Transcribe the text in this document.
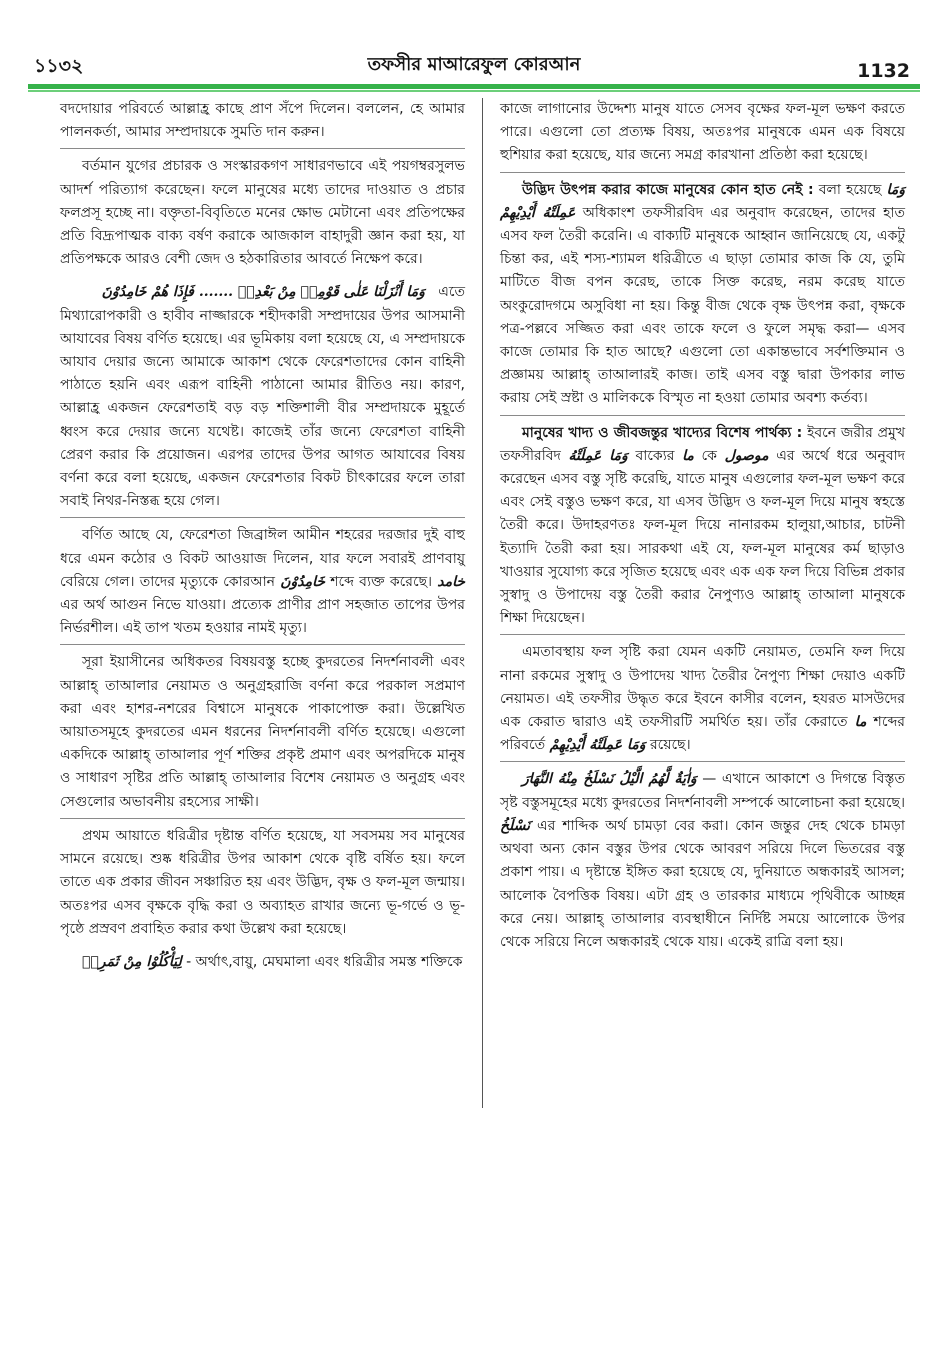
১১৩২	তফসীর মাআরেফুল কোরআন	1132
বদদোয়ার পরিবর্তে আল্লাহ্র কাছে প্রাণ সঁপে দিলেন। বললেন, হে আমার পালনকর্তা, আমার সম্প্রদায়কে সুমতি দান করুন।
বর্তমান যুগের প্রচারক ও সংস্কারকগণ সাধারণভাবে এই পয়গম্বরসুলভ আদর্শ পরিত্যাগ করেছেন। ফলে মানুষের মধ্যে তাদের দাওয়াত ও প্রচার ফলপ্রসূ হচ্ছে না। বক্তৃতা-বিবৃতিতে মনের ক্ষোভ মেটানো এবং প্রতিপক্ষের প্রতি বিদ্রূপাত্মক বাক্য বর্ষণ করাকে আজকাল বাহাদুরী জ্ঞান করা হয়, যা প্রতিপক্ষকে আরও বেশী জেদ ও হঠকারিতার আবর্তে নিক্ষেপ করে।
وَمَا أَنْزَلْنَا عَلٰى قَوْمِهٖ مِنْ بَعْدِهٖ ....... فَإِذَا هُمْ خَامِدُوْنَ এতে
মিথ্যারোপকারী ও হাবীব নাজ্জারকে শহীদকারী সম্প্রদায়ের উপর আসমানী আযাবের বিষয় বর্ণিত হয়েছে। এর ভূমিকায় বলা হয়েছে যে, এ সম্প্রদায়কে আযাব দেয়ার জন্যে আমাকে আকাশ থেকে ফেরেশতাদের কোন বাহিনী পাঠাতে হয়নি এবং এরূপ বাহিনী পাঠানো আমার রীতিও নয়। কারণ, আল্লাহ্র একজন ফেরেশতাই বড় বড় শক্তিশালী বীর সম্প্রদায়কে মুহূর্তে ধ্বংস করে দেয়ার জন্যে যথেষ্ট। কাজেই তাঁর জন্যে ফেরেশতা বাহিনী প্রেরণ করার কি প্রয়োজন। এরপর তাদের উপর আগত আযাবের বিষয় বর্ণনা করে বলা হয়েছে, একজন ফেরেশতার বিকট চীৎকারের ফলে তারা সবাই নিথর-নিস্তব্ধ হয়ে গেল।
বর্ণিত আছে যে, ফেরেশতা জিব্রাঈল আমীন শহরের দরজার দুই বাহু ধরে এমন কঠোর ও বিকট আওয়াজ দিলেন, যার ফলে সবারই প্রাণবায়ু বেরিয়ে গেল। তাদের মৃত্যুকে কোরআন خَامِدُوْنَ শব্দে ব্যক্ত করেছে। خامد এর অর্থ আগুন নিভে যাওয়া। প্রত্যেক প্রাণীর প্রাণ সহজাত তাপের উপর নির্ভরশীল। এই তাপ খতম হওয়ার নামই মৃত্যু।
সূরা ইয়াসীনের অধিকতর বিষয়বস্তু হচ্ছে কুদরতের নিদর্শনাবলী এবং আল্লাহ্ তাআলার নেয়ামত ও অনুগ্রহরাজি বর্ণনা করে পরকাল সপ্রমাণ করা এবং হাশর-নশরের বিশ্বাসে মানুষকে পাকাপোক্ত করা। উল্লেখিত আয়াতসমূহে কুদরতের এমন ধরনের নিদর্শনাবলী বর্ণিত হয়েছে। এগুলো একদিকে আল্লাহ্ তাআলার পূর্ণ শক্তির প্রকৃষ্ট প্রমাণ এবং অপরদিকে মানুষ ও সাধারণ সৃষ্টির প্রতি আল্লাহ্ তাআলার বিশেষ নেয়ামত ও অনুগ্রহ এবং সেগুলোর অভাবনীয় রহস্যের সাক্ষী।
প্রথম আয়াতে ধরিত্রীর দৃষ্টান্ত বর্ণিত হয়েছে, যা সবসময় সব মানুষের সামনে রয়েছে। শুষ্ক ধরিত্রীর উপর আকাশ থেকে বৃষ্টি বর্ষিত হয়। ফলে তাতে এক প্রকার জীবন সঞ্চারিত হয় এবং উদ্ভিদ, বৃক্ষ ও ফল-মূল জন্মায়। অতঃপর এসব বৃক্ষকে বৃদ্ধি করা ও অব্যাহত রাখার জন্যে ভূ-গর্ভে ও ভূ-পৃষ্ঠে প্রস্রবণ প্রবাহিত করার কথা উল্লেখ করা হয়েছে।
لِيَأْكُلُوْا مِنْ ثَمَرِهٖ - অর্থাৎ,বায়ু, মেঘমালা এবং ধরিত্রীর সমস্ত শক্তিকে
কাজে লাগানোর উদ্দেশ্য মানুষ যাতে সেসব বৃক্ষের ফল-মূল ভক্ষণ করতে পারে। এগুলো তো প্রত্যক্ষ বিষয়, অতঃপর মানুষকে এমন এক বিষয়ে হুশিয়ার করা হয়েছে, যার জন্যে সমগ্র কারখানা প্রতিষ্ঠা করা হয়েছে।
উদ্ভিদ উৎপন্ন করার কাজে মানুষের কোন হাত নেই : বলা হয়েছে وَمَا عَمِلَتْهُ أَيْدِيْهِمْ অধিকাংশ তফসীরবিদ এর অনুবাদ করেছেন, তাদের হাত এসব ফল তৈরী করেনি। এ বাক্যটি মানুষকে আহ্বান জানিয়েছে যে, একটু চিন্তা কর, এই শস্য-শ্যামল ধরিত্রীতে এ ছাড়া তোমার কাজ কি যে, তুমি মাটিতে বীজ বপন করেছ, তাকে সিক্ত করেছ, নরম করেছ যাতে অংকুরোদগমে অসুবিধা না হয়। কিন্তু বীজ থেকে বৃক্ষ উৎপন্ন করা, বৃক্ষকে পত্র-পল্লবে সজ্জিত করা এবং তাকে ফলে ও ফুলে সমৃদ্ধ করা— এসব কাজে তোমার কি হাত আছে? এগুলো তো একান্তভাবে সর্বশক্তিমান ও প্রজ্ঞাময় আল্লাহ্ তাআলারই কাজ। তাই এসব বস্তু দ্বারা উপকার লাভ করায় সেই স্রষ্টা ও মালিককে বিস্মৃত না হওয়া তোমার অবশ্য কর্তব্য।
মানুষের খাদ্য ও জীবজন্তুর খাদ্যের বিশেষ পার্থক্য : ইবনে জরীর প্রমুখ তফসীরবিদ وَمَا عَمِلَتْهُ বাক্যের ما কে موصول এর অর্থে ধরে অনুবাদ করেছেন এসব বস্তু সৃষ্টি করেছি, যাতে মানুষ এগুলোর ফল-মূল ভক্ষণ করে এবং সেই বস্তুও ভক্ষণ করে, যা এসব উদ্ভিদ ও ফল-মূল দিয়ে মানুষ স্বহস্তে তৈরী করে। উদাহরণতঃ ফল-মূল দিয়ে নানারকম হালুয়া,আচার, চাটনী ইত্যাদি তৈরী করা হয়। সারকথা এই যে, ফল-মূল মানুষের কর্ম ছাড়াও খাওয়ার সুযোগ্য করে সৃজিত হয়েছে এবং এক এক ফল দিয়ে বিভিন্ন প্রকার সুস্বাদু ও উপাদেয় বস্তু তৈরী করার নৈপুণ্যও আল্লাহ্ তাআলা মানুষকে শিক্ষা দিয়েছেন।
এমতাবস্থায় ফল সৃষ্টি করা যেমন একটি নেয়ামত, তেমনি ফল দিয়ে নানা রকমের সুস্বাদু ও উপাদেয় খাদ্য তৈরীর নৈপুণ্য শিক্ষা দেয়াও একটি নেয়ামত। এই তফসীর উদ্ধৃত করে ইবনে কাসীর বলেন, হযরত মাসউদের এক কেরাত দ্বারাও এই তফসীরটি সমর্থিত হয়। তাঁর কেরাতে ما শব্দের পরিবর্তে وَمَا عَمِلَتْهُ أَيْدِيْهِمْ রয়েছে।
وَاٰيَةٌ لَّهُمُ الَّيْلُ نَسْلَخُ مِنْهُ النَّهَارَ — এখানে আকাশে ও দিগন্তে বিস্তৃত সৃষ্ট বস্তুসমূহের মধ্যে কুদরতের নিদর্শনাবলী সম্পর্কে আলোচনা করা হয়েছে। نَسْلَخُ এর শাব্দিক অর্থ চামড়া বের করা। কোন জন্তুর দেহ থেকে চামড়া অথবা অন্য কোন বস্তুর উপর থেকে আবরণ সরিয়ে দিলে ভিতরের বস্তু প্রকাশ পায়। এ দৃষ্টান্তে ইঙ্গিত করা হয়েছে যে, দুনিয়াতে অন্ধকারই আসল; আলোক বৈপত্তিক বিষয়। এটা গ্রহ ও তারকার মাধ্যমে পৃথিবীকে আচ্ছন্ন করে নেয়। আল্লাহ্ তাআলার ব্যবস্থাধীনে নির্দিষ্ট সময়ে আলোকে উপর থেকে সরিয়ে নিলে অন্ধকারই থেকে যায়। একেই রাত্রি বলা হয়।
